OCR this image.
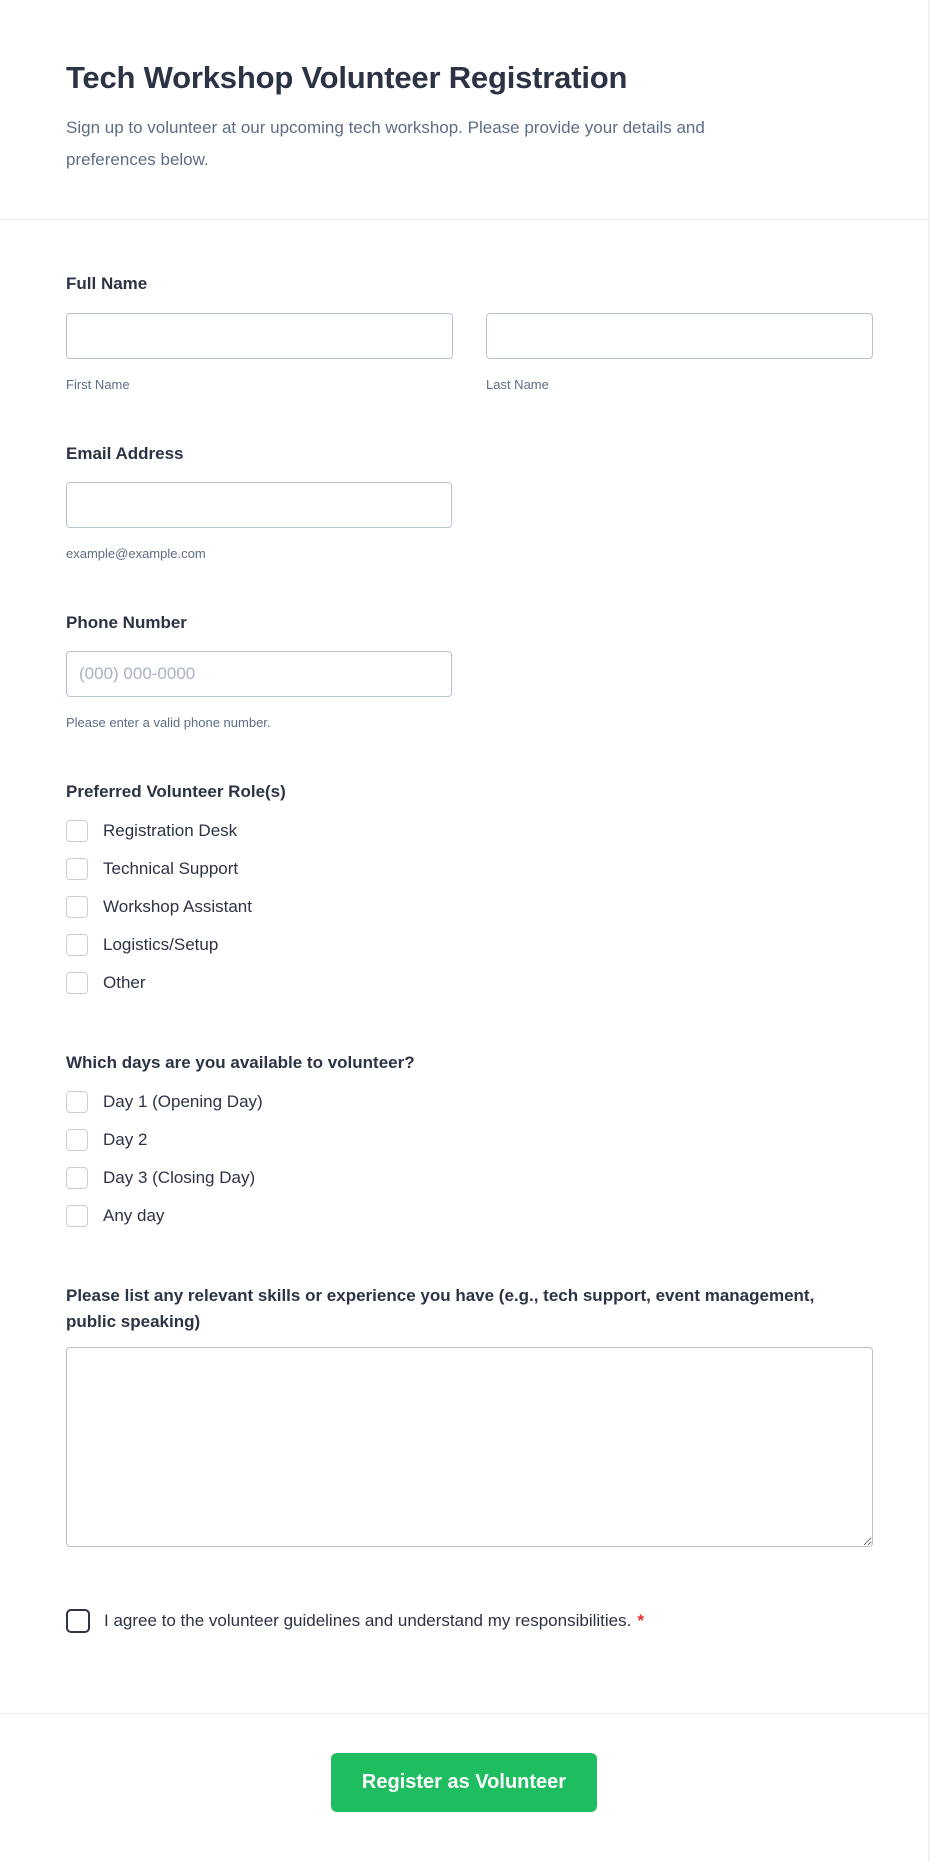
Tech Workshop Volunteer Registration

Sign up to volunteer at our upcoming tech workshop. Please provide your details and preferences below.

Full Name
First Name	Last Name
Email Address
example@example.com
Phone Number
(000) 000-0000
Please enter a valid phone number.
Preferred Volunteer Role(s)
Registration Desk
Technical Support
Workshop Assistant
Logistics/Setup
Other
Which days are you available to volunteer?
Day 1 (Opening Day)
Day 2
Day 3 (Closing Day)
Any day
Please list any relevant skills or experience you have (e.g., tech support, event management, public speaking)
I agree to the volunteer guidelines and understand my responsibilities. *
Register as Volunteer
